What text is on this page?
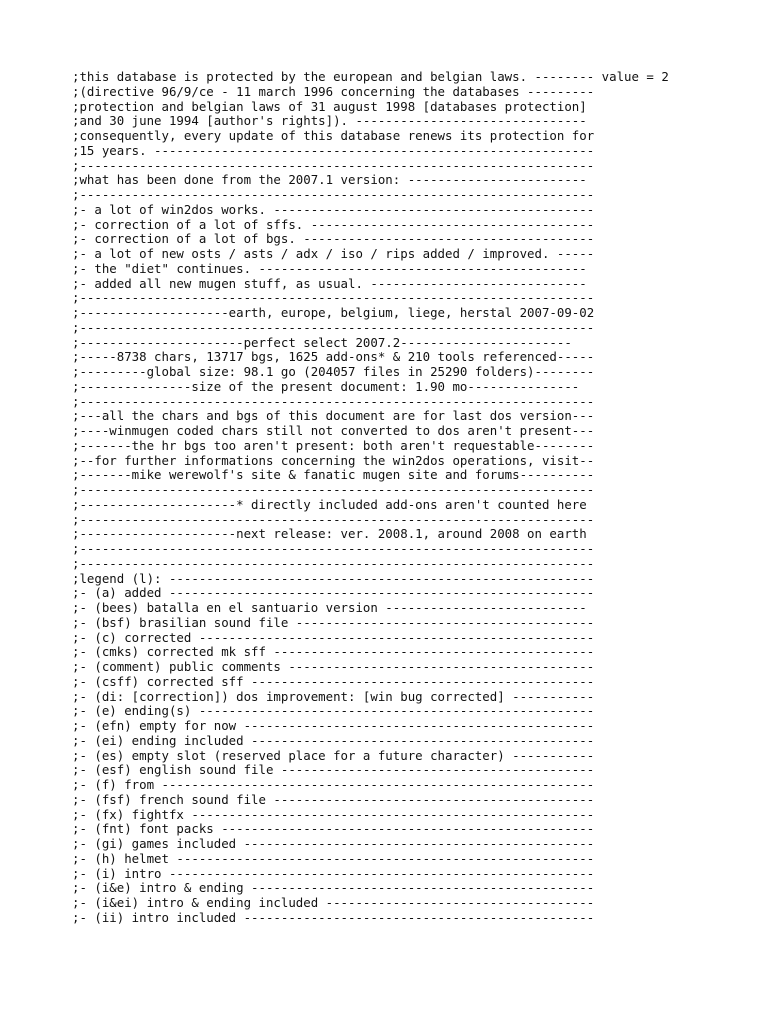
;this database is protected by the european and belgian laws. -------- value = 2
;(directive 96/9/ce - 11 march 1996 concerning the databases ---------
;protection and belgian laws of 31 august 1998 [databases protection]
;and 30 june 1994 [author's rights]). -------------------------------
;consequently, every update of this database renews its protection for
;15 years. -----------------------------------------------------------
;---------------------------------------------------------------------
;what has been done from the 2007.1 version: ------------------------
;---------------------------------------------------------------------
;- a lot of win2dos works. -------------------------------------------
;- correction of a lot of sffs. --------------------------------------
;- correction of a lot of bgs. ---------------------------------------
;- a lot of new osts / asts / adx / iso / rips added / improved. -----
;- the "diet" continues. --------------------------------------------
;- added all new mugen stuff, as usual. -----------------------------
;---------------------------------------------------------------------
;--------------------earth, europe, belgium, liege, herstal 2007-09-02
;---------------------------------------------------------------------
;----------------------perfect select 2007.2-----------------------
;-----8738 chars, 13717 bgs, 1625 add-ons* & 210 tools referenced-----
;---------global size: 98.1 go (204057 files in 25290 folders)--------
;---------------size of the present document: 1.90 mo---------------
;---------------------------------------------------------------------
;---all the chars and bgs of this document are for last dos version---
;----winmugen coded chars still not converted to dos aren't present---
;-------the hr bgs too aren't present: both aren't requestable--------
;--for further informations concerning the win2dos operations, visit--
;-------mike werewolf's site & fanatic mugen site and forums----------
;---------------------------------------------------------------------
;---------------------* directly included add-ons aren't counted here
;---------------------------------------------------------------------
;---------------------next release: ver. 2008.1, around 2008 on earth
;---------------------------------------------------------------------
;---------------------------------------------------------------------
;legend (l): ---------------------------------------------------------
;- (a) added ---------------------------------------------------------
;- (bees) batalla en el santuario version ---------------------------
;- (bsf) brasilian sound file ----------------------------------------
;- (c) corrected -----------------------------------------------------
;- (cmks) corrected mk sff -------------------------------------------
;- (comment) public comments -----------------------------------------
;- (csff) corrected sff ----------------------------------------------
;- (di: [correction]) dos improvement: [win bug corrected] -----------
;- (e) ending(s) -----------------------------------------------------
;- (efn) empty for now -----------------------------------------------
;- (ei) ending included ----------------------------------------------
;- (es) empty slot (reserved place for a future character) -----------
;- (esf) english sound file ------------------------------------------
;- (f) from ----------------------------------------------------------
;- (fsf) french sound file -------------------------------------------
;- (fx) fightfx ------------------------------------------------------
;- (fnt) font packs --------------------------------------------------
;- (gi) games included -----------------------------------------------
;- (h) helmet --------------------------------------------------------
;- (i) intro ---------------------------------------------------------
;- (i&e) intro & ending ----------------------------------------------
;- (i&ei) intro & ending included ------------------------------------
;- (ii) intro included -----------------------------------------------
